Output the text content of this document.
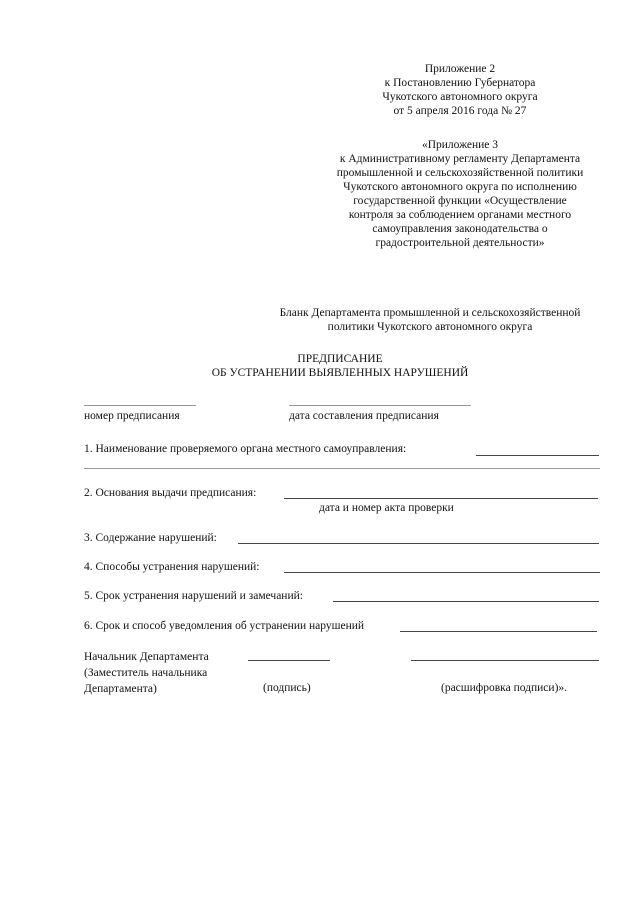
Приложение 2
к Постановлению Губернатора
Чукотского автономного округа
от 5 апреля 2016 года № 27
«Приложение 3
к Административному регламенту Департамента
промышленной и сельскохозяйственной политики
Чукотского автономного округа по исполнению
государственной функции «Осуществление
контроля за соблюдением органами местного
самоуправления законодательства о
градостроительной деятельности»
Бланк Департамента промышленной и сельскохозяйственной
политики Чукотского автономного округа
ПРЕДПИСАНИЕ
ОБ УСТРАНЕНИИ ВЫЯВЛЕННЫХ НАРУШЕНИЙ
номер предписания	дата составления предписания
1. Наименование проверяемого органа местного самоуправления:
2. Основания выдачи предписания:
дата и номер акта проверки
3. Содержание нарушений:
4. Способы устранения нарушений:
5. Срок устранения нарушений и замечаний:
6. Срок и способ уведомления об устранении нарушений
Начальник Департамента
(Заместитель начальника
Департамента)	(подпись)	(расшифровка подписи)».
